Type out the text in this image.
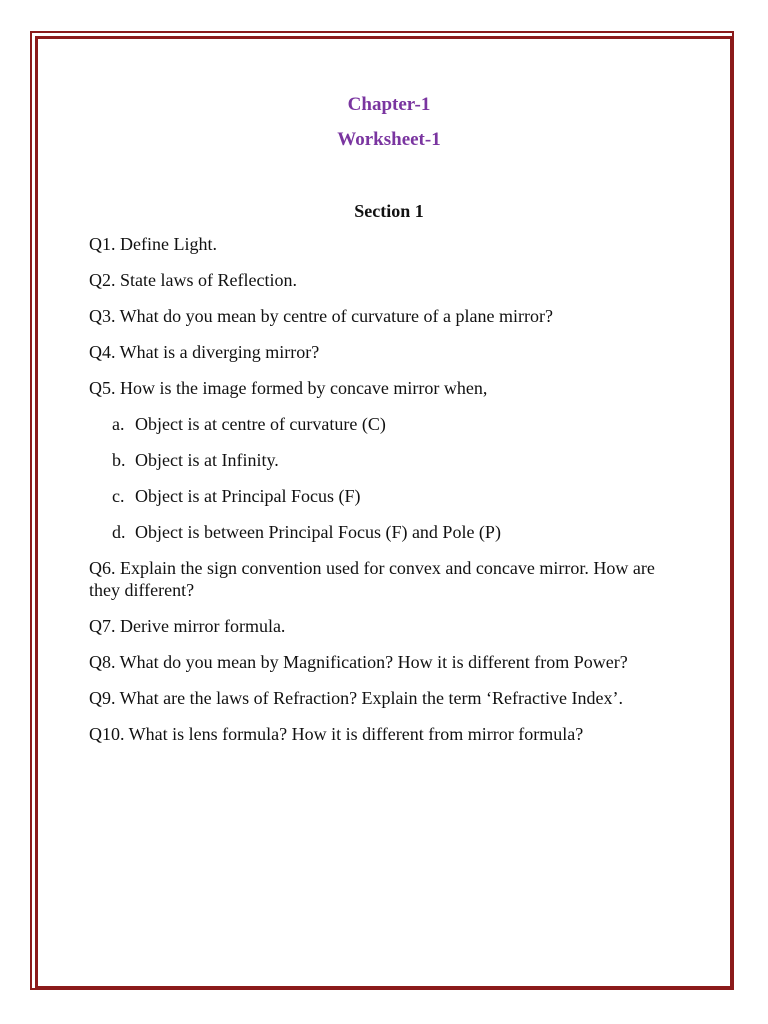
Chapter-1
Worksheet-1
Section 1
Q1. Define Light.
Q2. State laws of Reflection.
Q3. What do you mean by centre of curvature of a plane mirror?
Q4. What is a diverging mirror?
Q5. How is the image formed by concave mirror when,
a. Object is at centre of curvature (C)
b. Object is at Infinity.
c. Object is at Principal Focus (F)
d. Object is between Principal Focus (F) and Pole (P)
Q6. Explain the sign convention used for convex and concave mirror. How are they different?
Q7. Derive mirror formula.
Q8. What do you mean by Magnification? How it is different from Power?
Q9. What are the laws of Refraction? Explain the term ‘Refractive Index’.
Q10. What is lens formula? How it is different from mirror formula?
